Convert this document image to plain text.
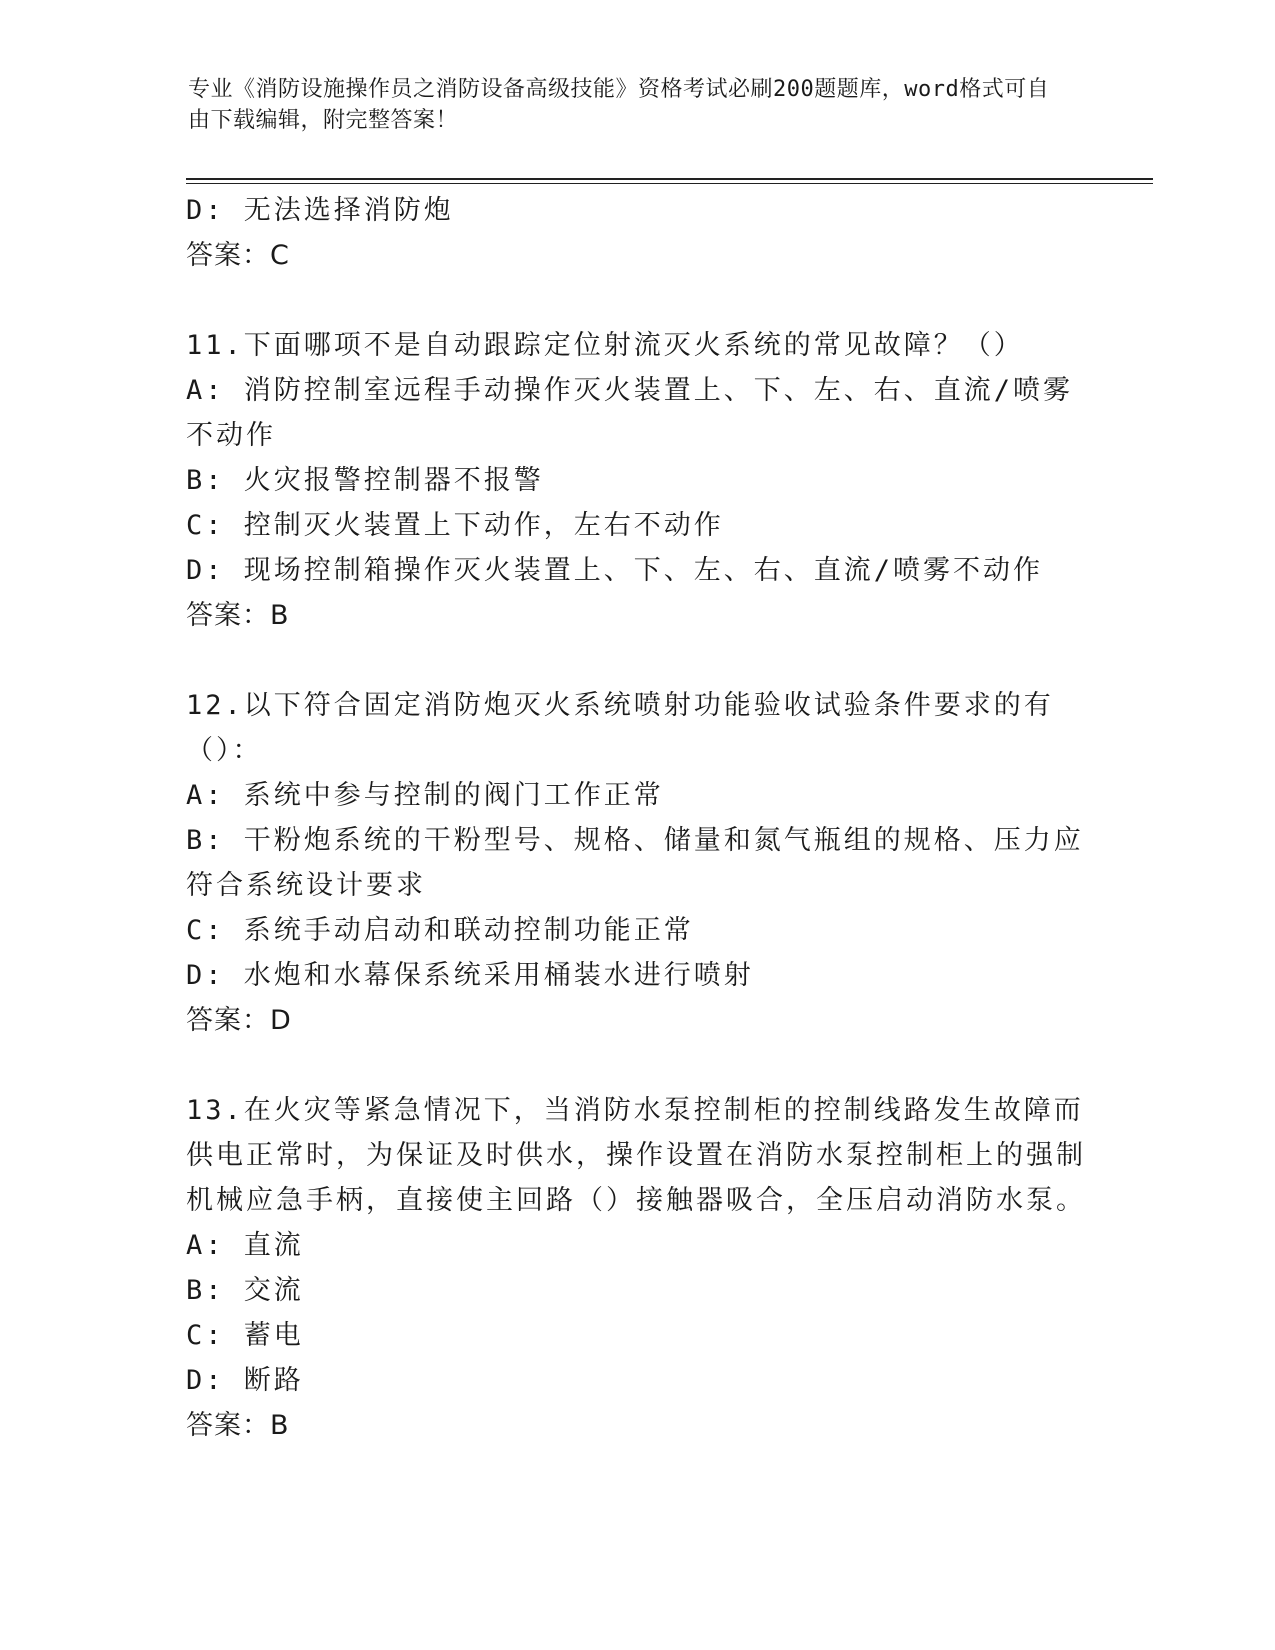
专业《消防设施操作员之消防设备高级技能》资格考试必刷200题题库，word格式可自由下载编辑，附完整答案！
D: 无法选择消防炮
答案：C
11.下面哪项不是自动跟踪定位射流灭火系统的常见故障？（）
A: 消防控制室远程手动操作灭火装置上、下、左、右、直流/喷雾不动作
B: 火灾报警控制器不报警
C: 控制灭火装置上下动作，左右不动作
D: 现场控制箱操作灭火装置上、下、左、右、直流/喷雾不动作
答案：B
12.以下符合固定消防炮灭火系统喷射功能验收试验条件要求的有（）：
A: 系统中参与控制的阀门工作正常
B: 干粉炮系统的干粉型号、规格、储量和氮气瓶组的规格、压力应符合系统设计要求
C: 系统手动启动和联动控制功能正常
D: 水炮和水幕保系统采用桶装水进行喷射
答案：D
13.在火灾等紧急情况下，当消防水泵控制柜的控制线路发生故障而供电正常时，为保证及时供水，操作设置在消防水泵控制柜上的强制机械应急手柄，直接使主回路（）接触器吸合，全压启动消防水泵。
A: 直流
B: 交流
C: 蓄电
D: 断路
答案：B
